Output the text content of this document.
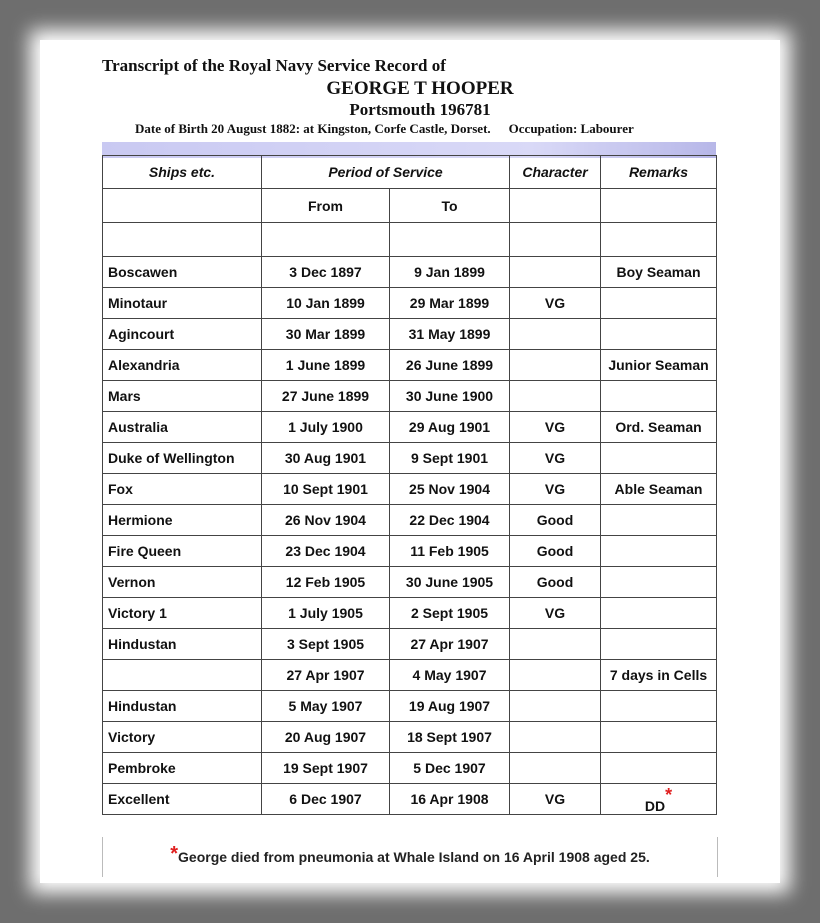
Transcript of the Royal Navy Service Record of
GEORGE T HOOPER
Portsmouth 196781
Date of Birth 20 August 1882: at Kingston, Corfe Castle, Dorset. Occupation: Labourer
Ships etc.	Period of Service		Character	Remarks
	From	To		

Boscawen	3 Dec 1897	9 Jan 1899		Boy Seaman
Minotaur	10 Jan 1899	29 Mar 1899	VG	
Agincourt	30 Mar 1899	31 May 1899		
Alexandria	1 June 1899	26 June 1899		Junior Seaman
Mars	27 June 1899	30 June 1900		
Australia	1 July 1900	29 Aug 1901	VG	Ord. Seaman
Duke of Wellington	30 Aug 1901	9 Sept 1901	VG	
Fox	10 Sept 1901	25 Nov 1904	VG	Able Seaman
Hermione	26 Nov 1904	22 Dec 1904	Good	
Fire Queen	23 Dec 1904	11 Feb 1905	Good	
Vernon	12 Feb 1905	30 June 1905	Good	
Victory 1	1 July 1905	2 Sept 1905	VG	
Hindustan	3 Sept 1905	27 Apr 1907		
	27 Apr 1907	4 May 1907		7 days in Cells
Hindustan	5 May 1907	19 Aug 1907		
Victory	20 Aug 1907	18 Sept 1907		
Pembroke	19 Sept 1907	5 Dec 1907		
Excellent	6 Dec 1907	16 Apr 1908	VG	DD*
*George died from pneumonia at Whale Island on 16 April 1908 aged 25.
